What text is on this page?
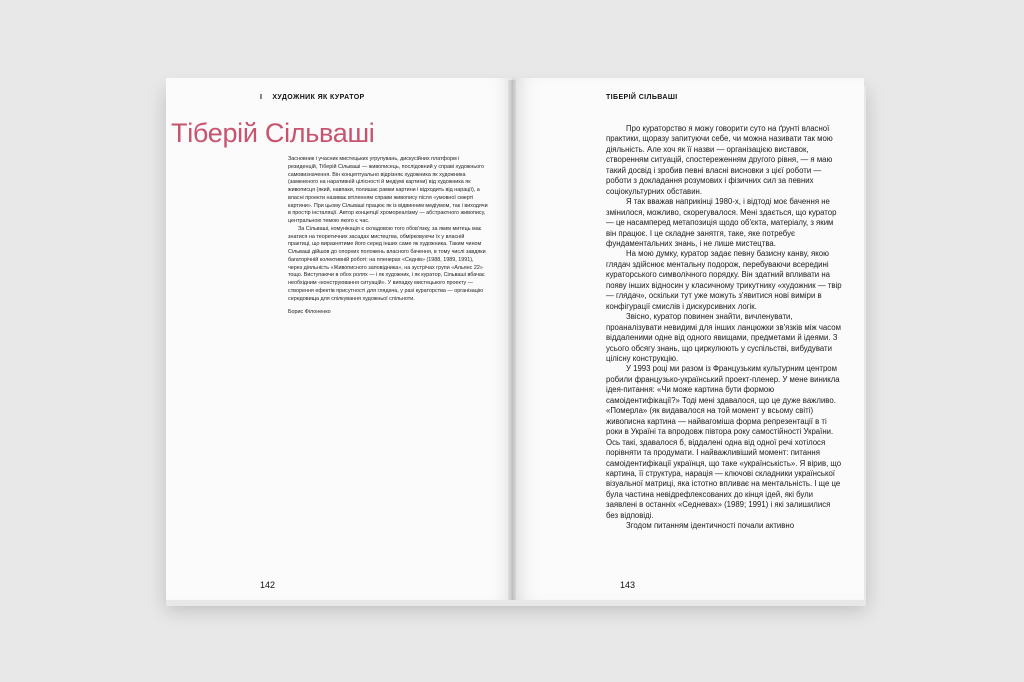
I ХУДОЖНИК ЯК КУРАТОР
Тіберій Сільваші

Засновник і учасник мистецьких угрупувань, дискусійних платформ і резиденцій, Тіберій Сільваші — живописець, послідовний у справі художнього самовизначення. Він концептуально відрізняє художника як художника (замкненого на наративній цілісності й медіумі картини) від художника як живописця (який, навпаки, полишає рамки картини і відходить від нарації), а власні проекти називає втіленням справи живопису після «умовної смерті картини». При цьому Сільваші працює як із відвинним медіумом, так і виходячи в простір інсталяції. Автор концепції хромореалізму — абстрактного живопису, центральною темою якого є час.

За Сільваші, комунікація є складовою того обов'язку, за яким митець має знатися на теоретичних засадах мистецтва, обмірковуючи їх у власній практиці, що виразнятиме його серед інших саме як художника. Таким чином Сільваші дійшов до опорних положень власного бачення, в тому числі завдяки багаторічній колективній роботі: на пленерах «Седнів» (1988, 1989, 1991), через діяльність «Живописного заповідника», на зустрічах групи «Альянс 22» тощо. Виступаючи в обох ролях — і як художник, і як куратор, Сільваші вбачає необхідним «конструювання ситуацій». У випадку мистецького проекту — створення ефектів присутності для глядача, у разі кураторства — організацію середовища для спілкування художньої спільноти.

Борис Філоненко

142
ТІБЕРІЙ СІЛЬВАШІ

Про кураторство я можу говорити суто на ґрунті власної практики, щоразу запитуючи себе, чи можна називати так мою діяльність. Але хоч як її назви — організацією виставок, створенням ситуацій, спостереженням другого рівня, — я маю такий досвід і зробив певні власні висновки з цієї роботи — роботи з докладання розумових і фізичних сил за певних соціокультурних обставин.

Я так вважав наприкінці 1980-х, і відтоді моє бачення не змінилося, можливо, скорегувалося. Мені здається, що куратор — це насамперед метапозиція щодо об'єкта, матеріалу, з яким він працює. І це складне занятгя, таке, яке потребує фундаментальних знань, і не лише мистецтва.

На мою думку, куратор задає певну базисну канву, якою глядач здійснює ментальну подорож, перебуваючи всередині кураторського символічного порядку. Він здатний впливати на появу інших відносин у класичному трикутнику «художник — твір — глядач», оскільки тут уже можуть з'явитися нові виміри в конфігурації смислів і дискурсивних логік.

Звісно, куратор повинен знайти, вичленувати, проаналізувати невидимі для інших ланцюжки зв'язків між часом віддаленими одне від одного явищами, предметами й ідеями. З усього обсягу знань, що циркулюють у суспільстві, вибудувати цілісну конструкцію.

У 1993 році ми разом із Французьким культурним центром робили французько-український проект-пленер. У мене виникла ідея-питання: «Чи може картина бути формою самоідентифікації?» Тоді мені здавалося, що це дуже важливо. «Померла» (як видавалося на той момент у всьому світі) живописна картина — найвагоміша форма репрезентації в ті роки в Україні та впродовж півтора року самостійності України. Ось такі, здавалося б, віддалені одна від одної речі хотілося порівняти та продумати. І найважливіший момент: питання самоідентифікації українця, що таке «українськість». Я вірив, що картина, її структура, нарація — ключові складники української візуальної матриці, яка істотно впливає на ментальність. І ще це була частина невідрефлексованих до кінця ідей, які були заявлені в останніх «Седневах» (1989; 1991) і які залишилися без відповіді.

Згодом питанням ідентичності почали активно

143
